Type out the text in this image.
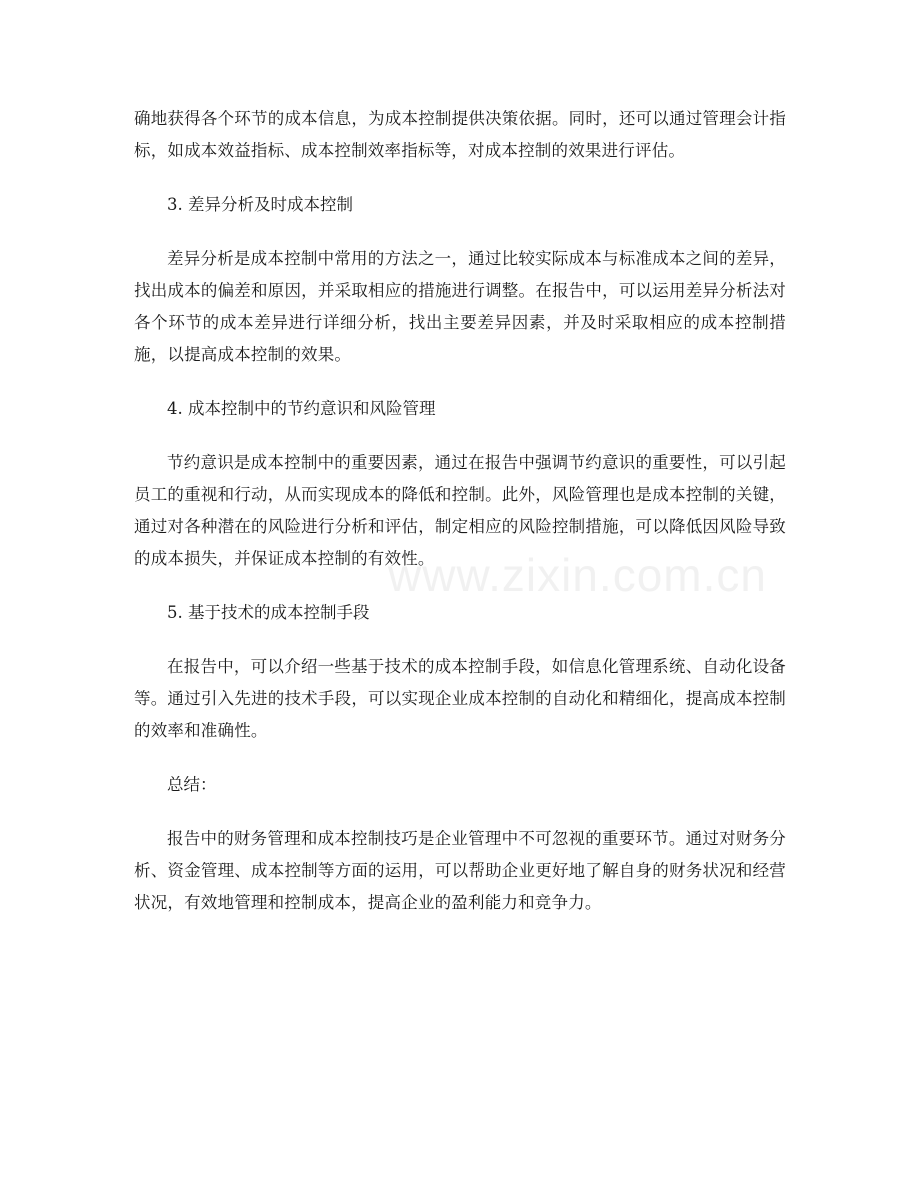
确地获得各个环节的成本信息，为成本控制提供决策依据。同时，还可以通过管理会计指标，如成本效益指标、成本控制效率指标等，对成本控制的效果进行评估。

3. 差异分析及时成本控制

差异分析是成本控制中常用的方法之一，通过比较实际成本与标准成本之间的差异，找出成本的偏差和原因，并采取相应的措施进行调整。在报告中，可以运用差异分析法对各个环节的成本差异进行详细分析，找出主要差异因素，并及时采取相应的成本控制措施，以提高成本控制的效果。

4. 成本控制中的节约意识和风险管理

节约意识是成本控制中的重要因素，通过在报告中强调节约意识的重要性，可以引起员工的重视和行动，从而实现成本的降低和控制。此外，风险管理也是成本控制的关键，通过对各种潜在的风险进行分析和评估，制定相应的风险控制措施，可以降低因风险导致的成本损失，并保证成本控制的有效性。

5. 基于技术的成本控制手段

在报告中，可以介绍一些基于技术的成本控制手段，如信息化管理系统、自动化设备等。通过引入先进的技术手段，可以实现企业成本控制的自动化和精细化，提高成本控制的效率和准确性。

总结：

报告中的财务管理和成本控制技巧是企业管理中不可忽视的重要环节。通过对财务分析、资金管理、成本控制等方面的运用，可以帮助企业更好地了解自身的财务状况和经营状况，有效地管理和控制成本，提高企业的盈利能力和竞争力。

www.zixin.com.cn
